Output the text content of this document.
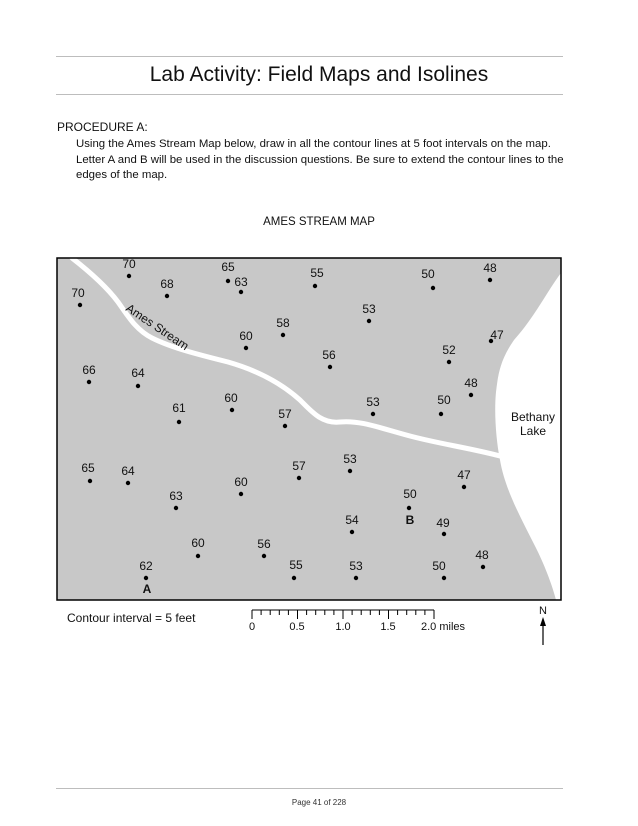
Lab Activity: Field Maps and Isolines
PROCEDURE A:
Using the Ames Stream Map below, draw in all the contour lines at 5 foot intervals on the map. Letter A and B will be used in the discussion questions. Be sure to extend the contour lines to the edges of the map.
AMES STREAM MAP
Ames Stream
Bethany
Lake
70
70
68
65
63
55	50	48
53
58
60	47
56	52
66	64
48
61
60
57
53	50
65 64	57	53
47
63
60
50
54	49
60	56
62	55	53	50
48
A
B
Contour interval = 5 feet
0	0.5	1.0	1.5 2.0 miles
N
Page 41 of 228
